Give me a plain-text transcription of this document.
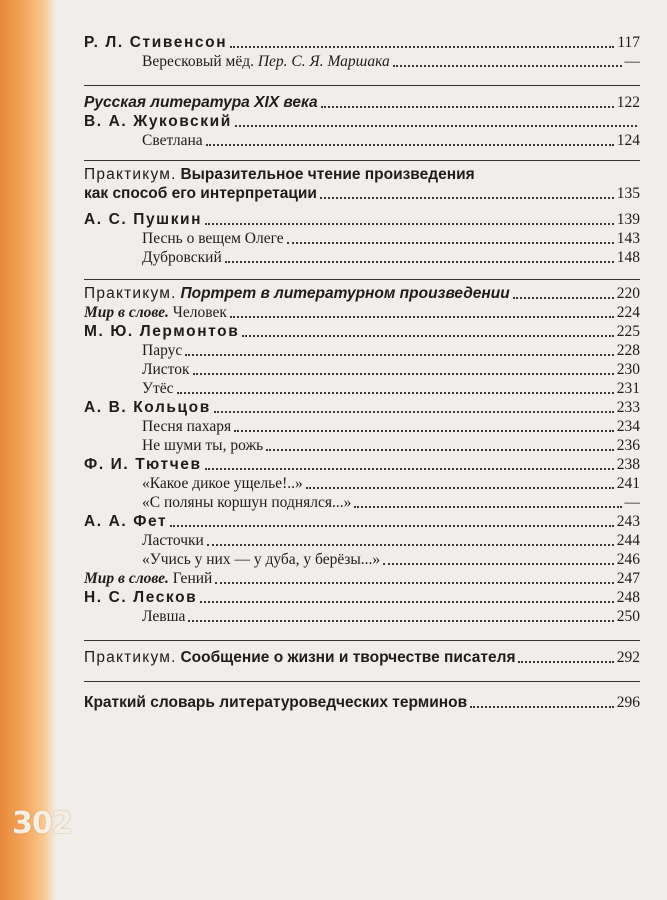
302
Р. Л. Стивенсон	117
Вересковый мёд. Пер. С. Я. Маршака	—
Русская литература XIX века	122
В. А. Жуковский
Светлана	124
Практикум. Выразительное чтение произведения
как способ его интерпретации	135
А. С. Пушкин	139
Песнь о вещем Олеге	143
Дубровский	148
Практикум. Портрет в литературном произведении	220
Мир в слове. Человек	224
М. Ю. Лермонтов	225
Парус	228
Листок	230
Утёс	231
А. В. Кольцов	233
Песня пахаря	234
Не шуми ты, рожь	236
Ф. И. Тютчев	238
«Какое дикое ущелье!..»	241
«С поляны коршун поднялся...»	—
А. А. Фет	243
Ласточки	244
«Учись у них — у дуба, у берёзы...»	246
Мир в слове. Гений	247
Н. С. Лесков	248
Левша	250
Практикум. Сообщение о жизни и творчестве писателя	292
Краткий словарь литературоведческих терминов	296
